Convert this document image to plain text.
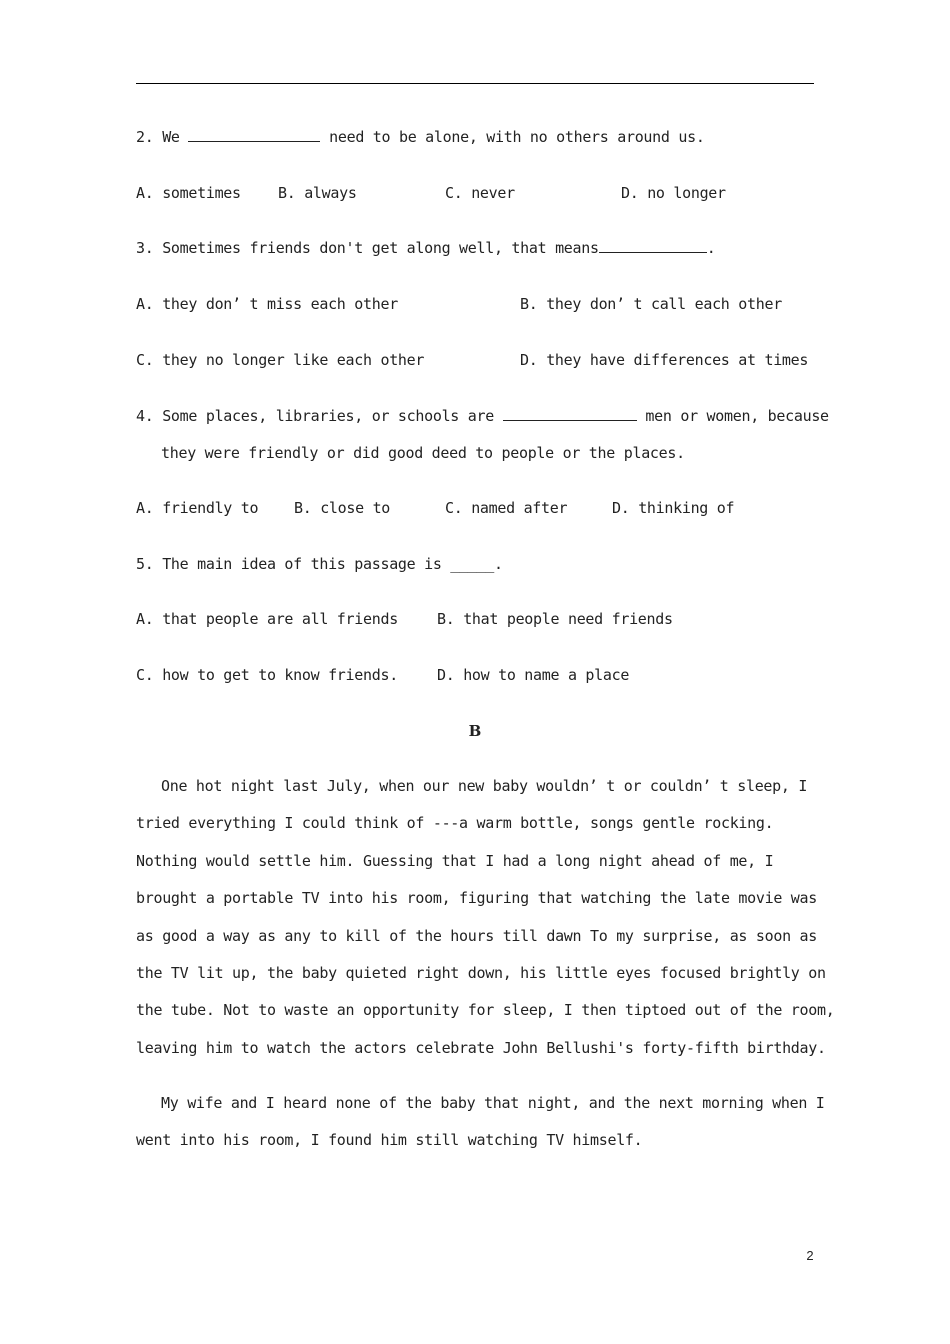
2. We	need to be alone, with no others around us.
A. sometimes B. always	C. never	D. no longer
3. Sometimes friends don't get along well, that means	.
A. they don’ t miss each other	B. they don’ t call each other
C. they no longer like each other	D. they have differences at times
4. Some places, libraries, or schools are	men or women, because
they were friendly or did good deed to people or the places.
A. friendly to B. close to	C. named after	D. thinking of
5. The main idea of this passage is _____.
A. that people are all friends	B. that people need friends
C. how to get to know friends.	D. how to name a place
B
One hot night last July, when our new baby wouldn’ t or couldn’ t sleep, I
tried everything I could think of ---a warm bottle, songs gentle rocking.
Nothing would settle him. Guessing that I had a long night ahead of me, I
brought a portable TV into his room, figuring that watching the late movie was
as good a way as any to kill of the hours till dawn To my surprise, as soon as
the TV lit up, the baby quieted right down, his little eyes focused brightly on
the tube. Not to waste an opportunity for sleep, I then tiptoed out of the room,
leaving him to watch the actors celebrate John Bellushi's forty-fifth birthday.
My wife and I heard none of the baby that night, and the next morning when I
went into his room, I found him still watching TV himself.
2
